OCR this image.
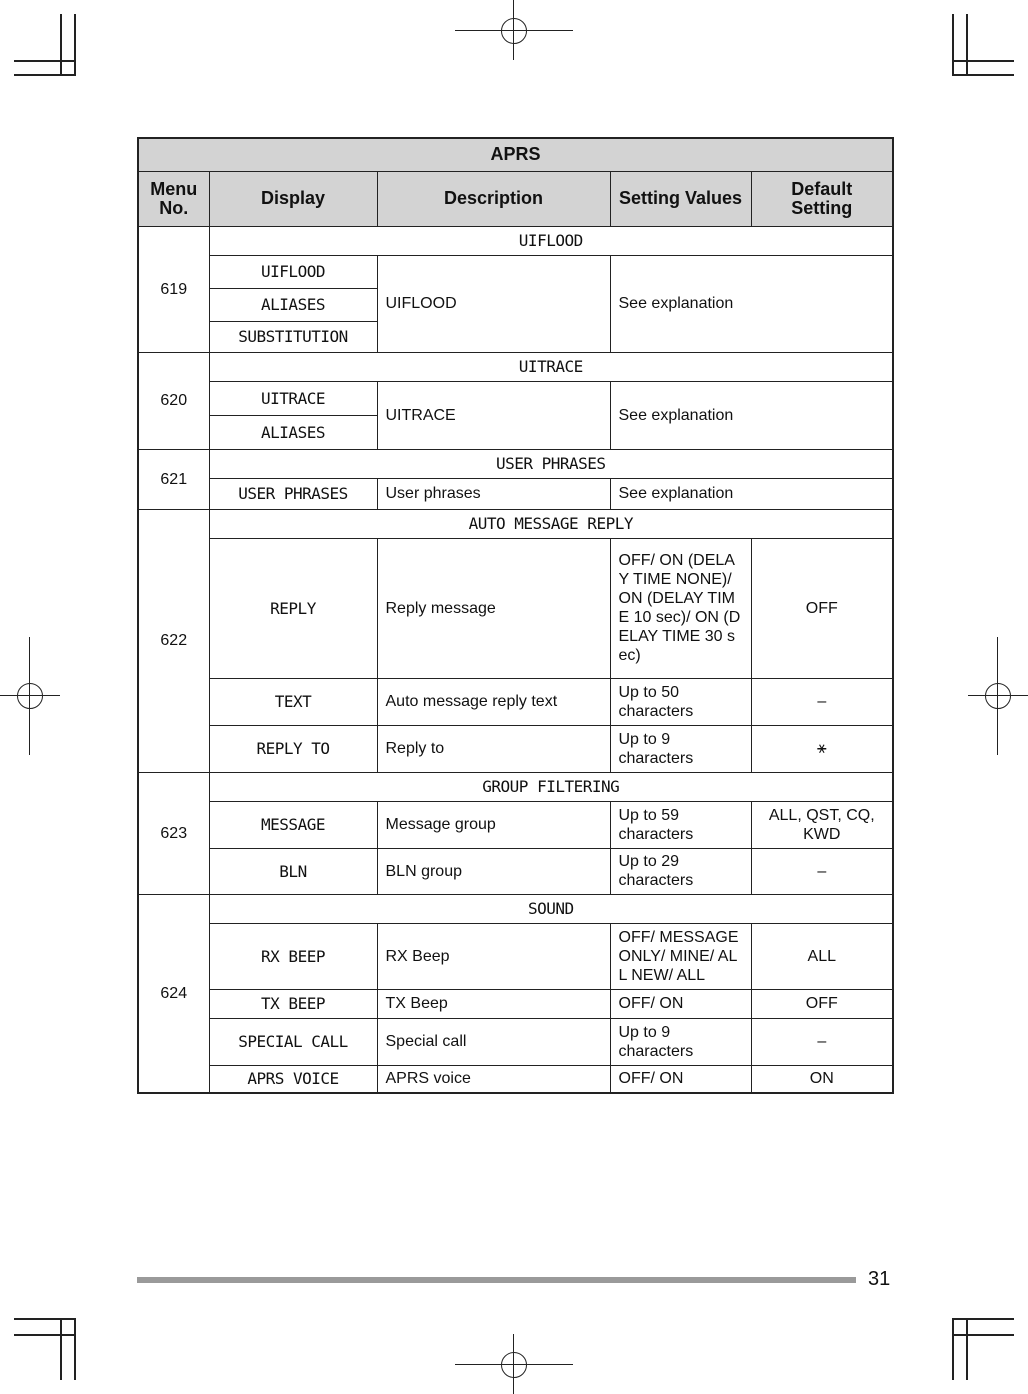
APRS				
Menu No.	Display	Description	Setting Values	Default Setting
619	UIFLOOD			
	UIFLOOD	UIFLOOD	See explanation	
	ALIASES			
	SUBSTITUTION			
620	UITRACE			
	UITRACE	UITRACE	See explanation	
	ALIASES			
621	USER PHRASES			
	USER PHRASES	User phrases	See explanation	
622	AUTO MESSAGE REPLY			
	REPLY	Reply message	OFF/ ON (DELAY TIME NONE)/ ON (DELAY TIME 10 sec)/ ON (DELAY TIME 30 sec)	OFF
	TEXT	Auto message reply text	Up to 50 characters	–
	REPLY TO	Reply to	Up to 9 characters	⚹
623	GROUP FILTERING			
	MESSAGE	Message group	Up to 59 characters	ALL, QST, CQ, KWD
	BLN	BLN group	Up to 29 characters	–
624	SOUND			
	RX BEEP	RX Beep	OFF/ MESSAGE ONLY/ MINE/ ALL NEW/ ALL	ALL
	TX BEEP	TX Beep	OFF/ ON	OFF
	SPECIAL CALL	Special call	Up to 9 characters	–
	APRS VOICE	APRS voice	OFF/ ON	ON
31
